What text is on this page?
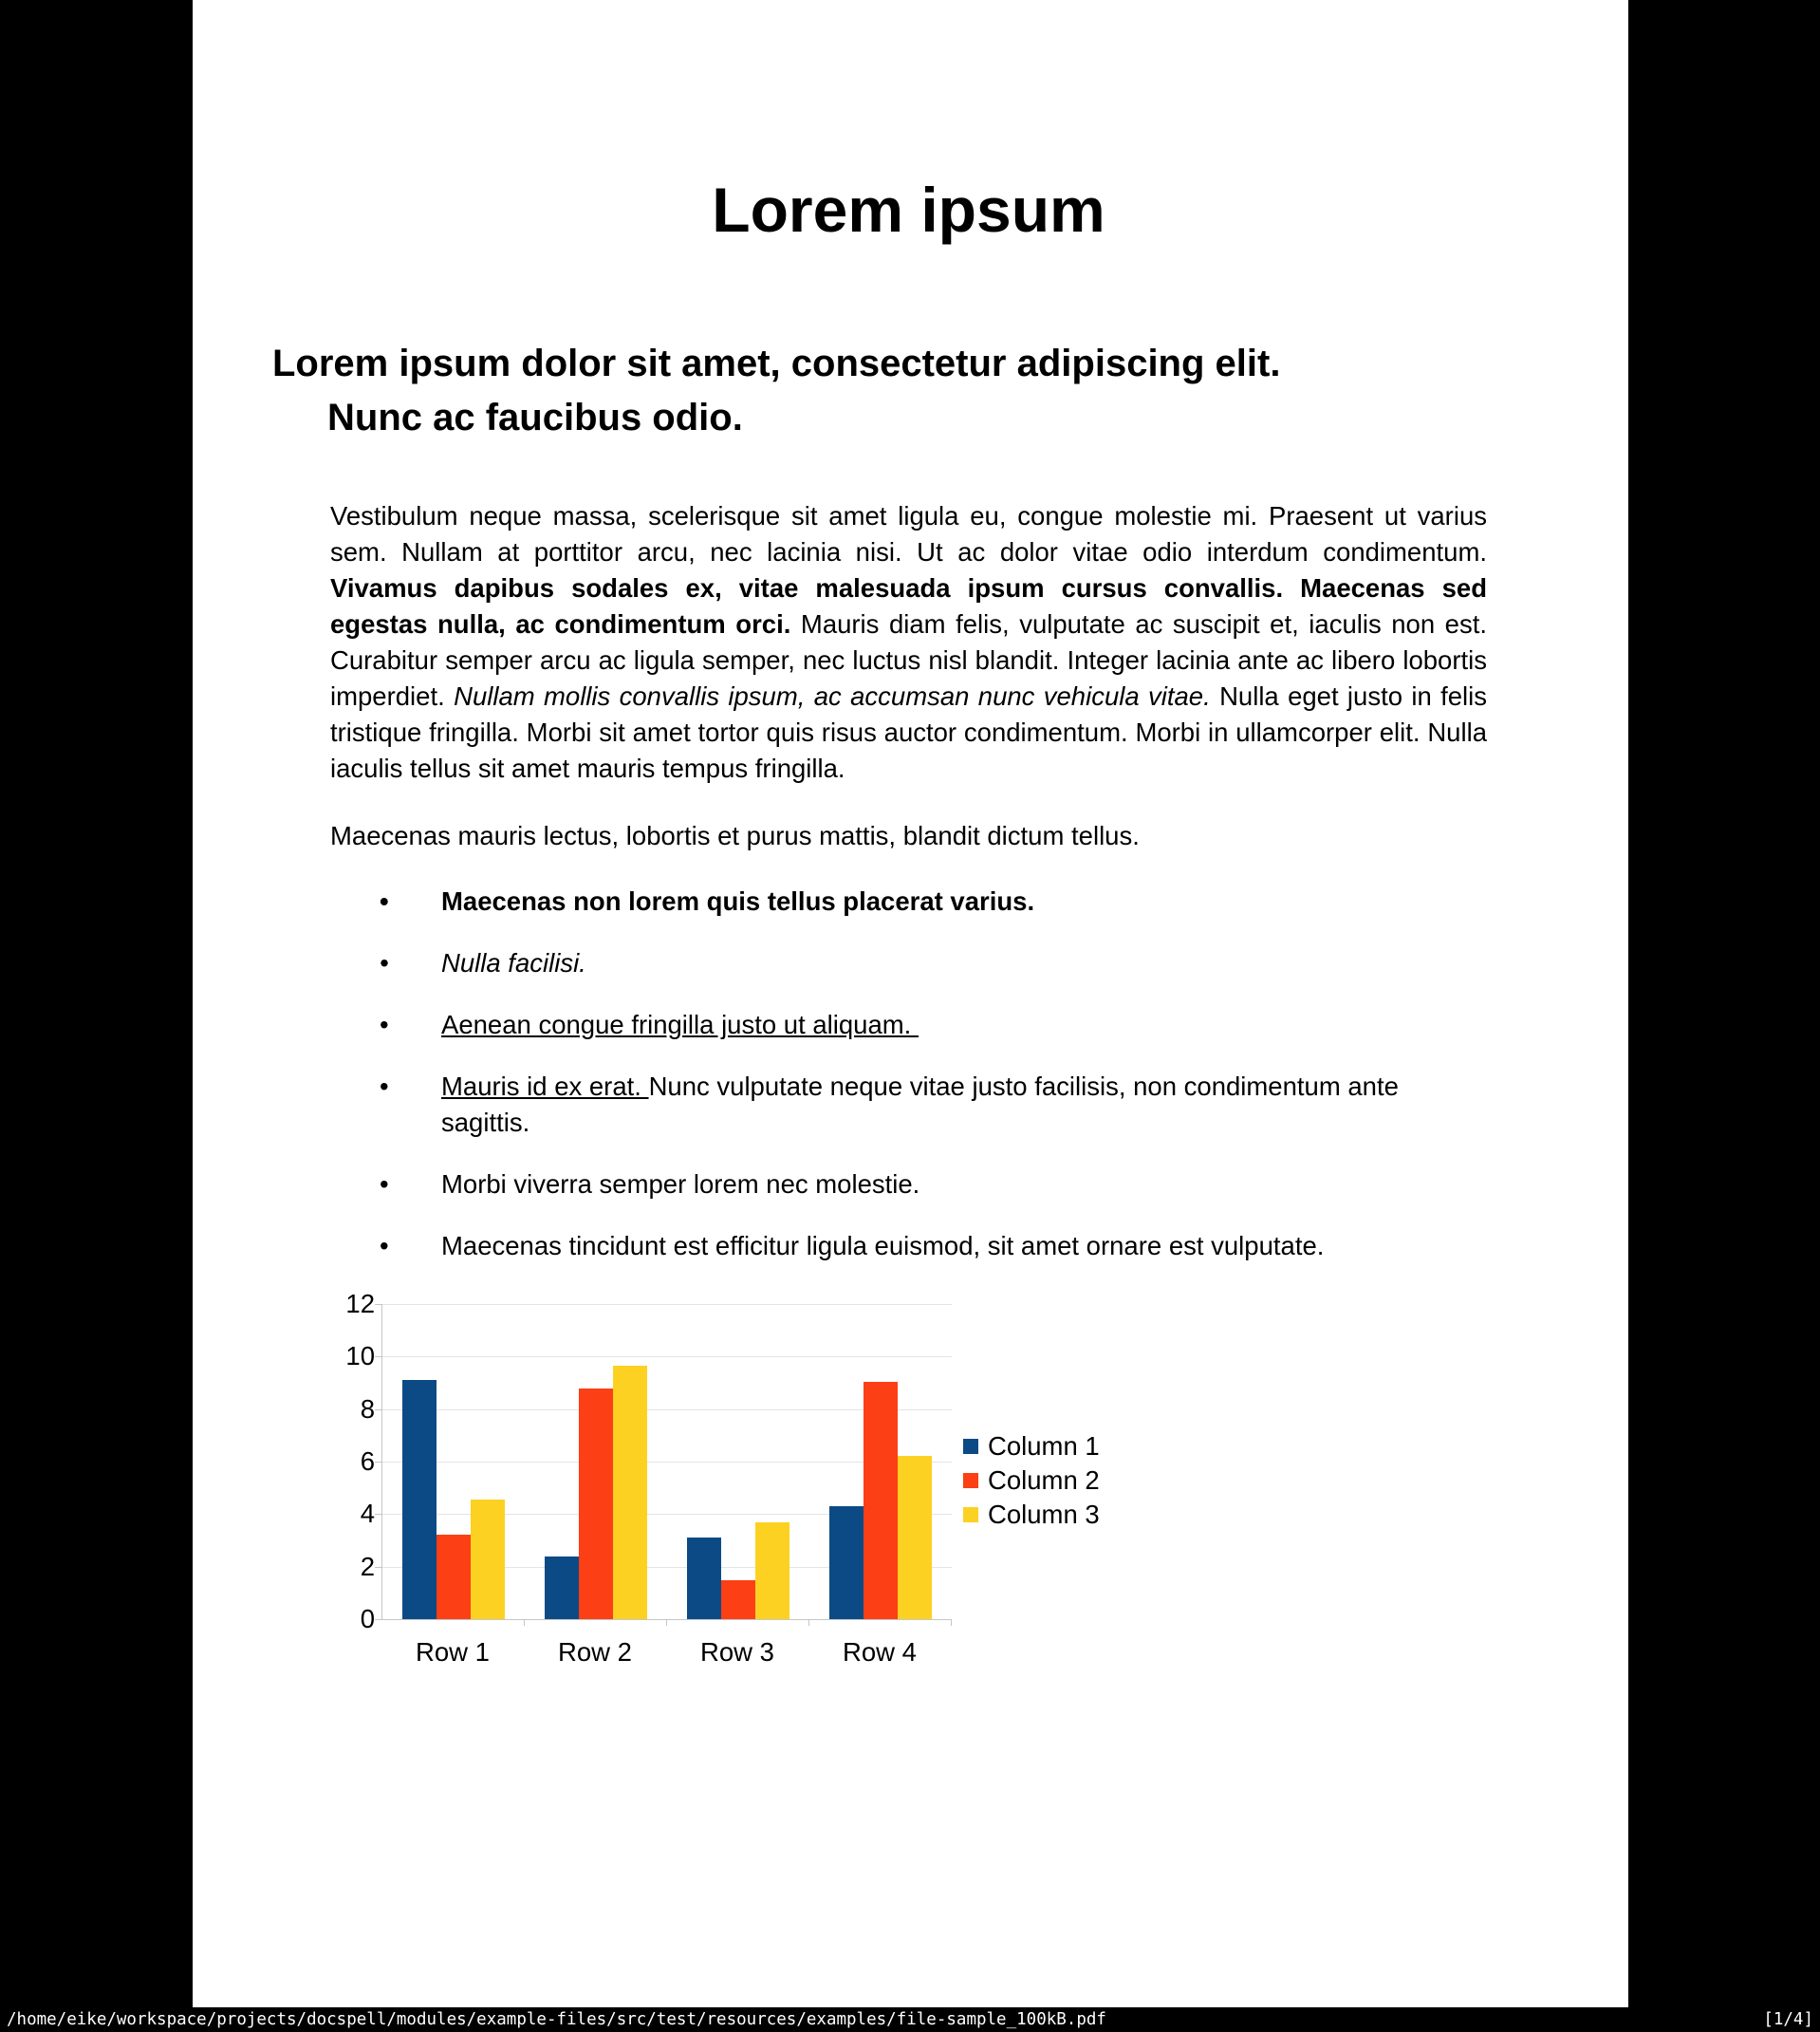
Lorem ipsum
Lorem ipsum dolor sit amet, consectetur adipiscing elit.
Nunc ac faucibus odio.
Vestibulum neque massa, scelerisque sit amet ligula eu, congue molestie mi. Praesent ut varius sem. Nullam at porttitor arcu, nec lacinia nisi. Ut ac dolor vitae odio interdum condimentum. Vivamus dapibus sodales ex, vitae malesuada ipsum cursus convallis. Maecenas sed egestas nulla, ac condimentum orci. Mauris diam felis, vulputate ac suscipit et, iaculis non est. Curabitur semper arcu ac ligula semper, nec luctus nisl blandit. Integer lacinia ante ac libero lobortis imperdiet. Nullam mollis convallis ipsum, ac accumsan nunc vehicula vitae. Nulla eget justo in felis tristique fringilla. Morbi sit amet tortor quis risus auctor condimentum. Morbi in ullamcorper elit. Nulla iaculis tellus sit amet mauris tempus fringilla.
Maecenas mauris lectus, lobortis et purus mattis, blandit dictum tellus.
• Maecenas non lorem quis tellus placerat varius.
• Nulla facilisi.
• Aenean congue fringilla justo ut aliquam.
• Mauris id ex erat. Nunc vulputate neque vitae justo facilisis, non condimentum ante sagittis.
• Morbi viverra semper lorem nec molestie.
• Maecenas tincidunt est efficitur ligula euismod, sit amet ornare est vulputate.
0
2
4
6
8
10
12
Row 1	Row 2	Row 3	Row 4
Column 1
Column 2
Column 3
/home/eike/workspace/projects/docspell/modules/example-files/src/test/resources/examples/file-sample_100kB.pdf	[1/4]
